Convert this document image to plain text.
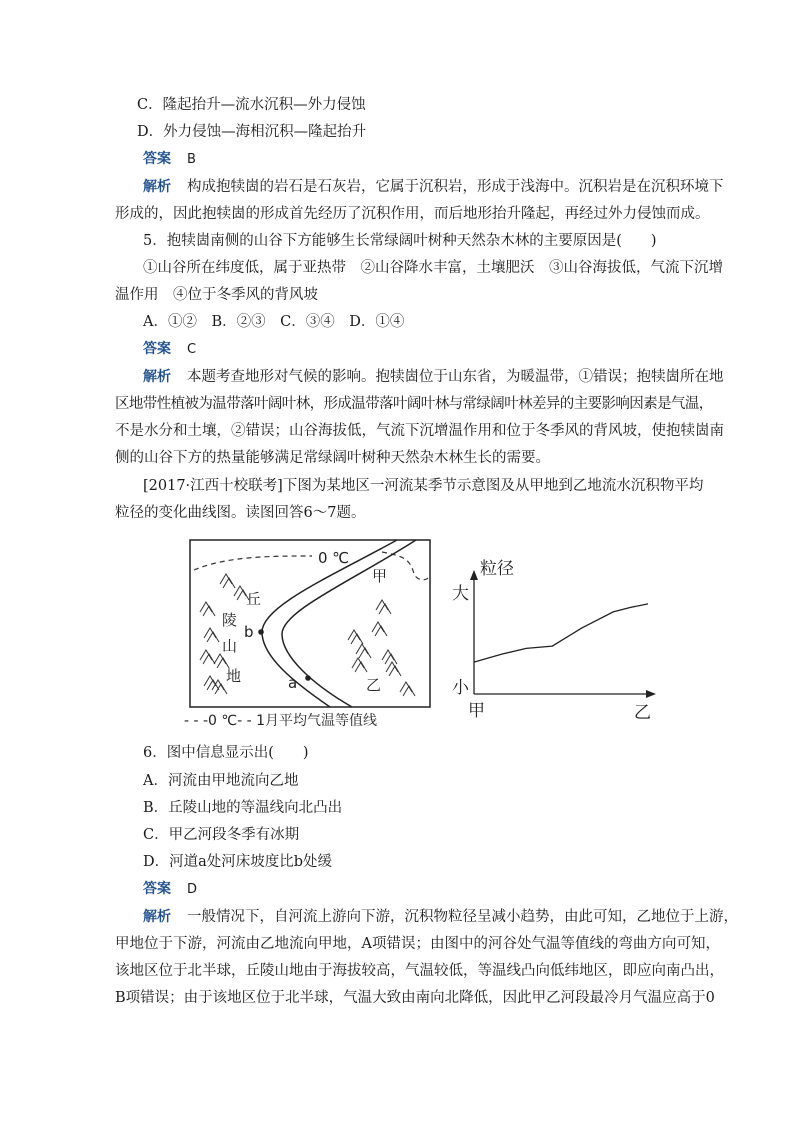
C．隆起抬升—流水沉积—外力侵蚀
D．外力侵蚀—海相沉积—隆起抬升
答案 B
解析 构成抱犊崮的岩石是石灰岩，它属于沉积岩，形成于浅海中。沉积岩是在沉积环境下
形成的，因此抱犊崮的形成首先经历了沉积作用，而后地形抬升隆起，再经过外力侵蚀而成。
5．抱犊崮南侧的山谷下方能够生长常绿阔叶树种天然杂木林的主要原因是(　　)
①山谷所在纬度低，属于亚热带　②山谷降水丰富，土壤肥沃　③山谷海拔低，气流下沉增
温作用　④位于冬季风的背风坡
A．①②　B．②③　C．③④　D．①④
答案 C
解析 本题考查地形对气候的影响。抱犊崮位于山东省，为暖温带，①错误；抱犊崮所在地
区地带性植被为温带落叶阔叶林，形成温带落叶阔叶林与常绿阔叶林差异的主要影响因素是气温，
不是水分和土壤，②错误；山谷海拔低，气流下沉增温作用和位于冬季风的背风坡，使抱犊崮南
侧的山谷下方的热量能够满足常绿阔叶树种天然杂木林生长的需要。
[2017·江西十校联考]下图为某地区一河流某季节示意图及从甲地到乙地流水沉积物平均
粒径的变化曲线图。读图回答6～7题。
0 ℃
b
a
丘
陵
山
地
甲
乙
- - -0 ℃- - 1月平均气温等值线
粒径
大
小
甲	乙
6．图中信息显示出(　　)
A．河流由甲地流向乙地
B．丘陵山地的等温线向北凸出
C．甲乙河段冬季有冰期
D．河道a处河床坡度比b处缓
答案 D
解析 一般情况下，自河流上游向下游，沉积物粒径呈减小趋势，由此可知，乙地位于上游，
甲地位于下游，河流由乙地流向甲地，A项错误；由图中的河谷处气温等值线的弯曲方向可知，
该地区位于北半球，丘陵山地由于海拔较高，气温较低，等温线凸向低纬地区，即应向南凸出，
B项错误；由于该地区位于北半球，气温大致由南向北降低，因此甲乙河段最冷月气温应高于0
